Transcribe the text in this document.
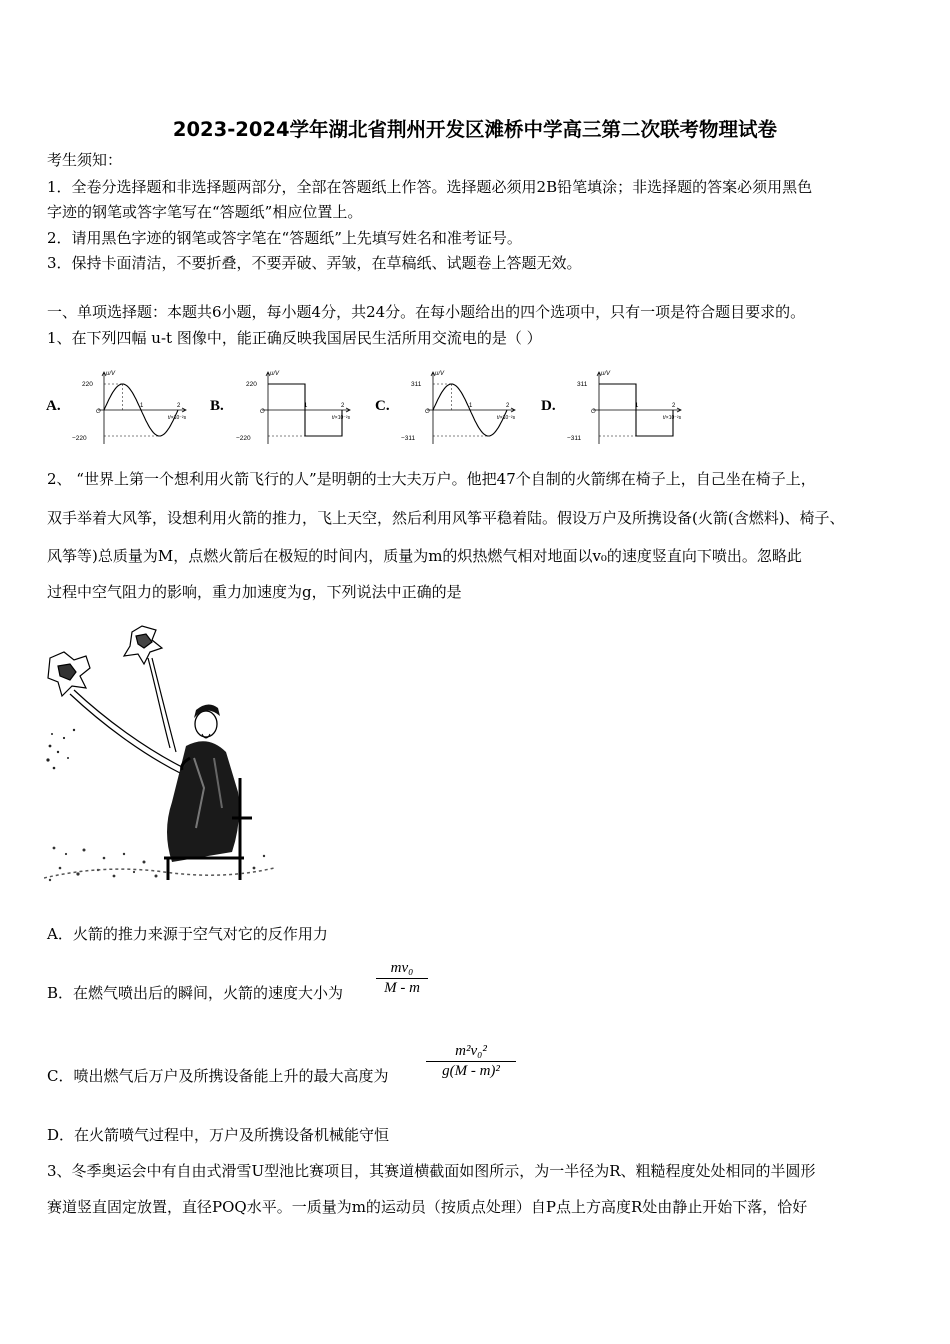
2023-2024学年湖北省荆州开发区滩桥中学高三第二次联考物理试卷
考生须知：
1．全卷分选择题和非选择题两部分，全部在答题纸上作答。选择题必须用2B铅笔填涂；非选择题的答案必须用黑色
字迹的钢笔或答字笔写在“答题纸”相应位置上。
2．请用黑色字迹的钢笔或答字笔在“答题纸”上先填写姓名和准考证号。
3．保持卡面清洁，不要折叠，不要弄破、弄皱，在草稿纸、试题卷上答题无效。
一、单项选择题：本题共6小题，每小题4分，共24分。在每小题给出的四个选项中，只有一项是符合题目要求的。
1、在下列四幅 u-t 图像中，能正确反映我国居民生活所用交流电的是（ ）
A.
u/V
t/×10⁻²s
O
220
−220
1	2 B.
u/V
t/×10⁻²s
O
220
−220
1	2 C.
u/V
t/×10⁻²s
O
311
−311
1	2 D.
u/V
t/×10⁻²s
O
311
−311
1	2
2、 “世界上第一个想利用火箭飞行的人”是明朝的士大夫万户。他把47个自制的火箭绑在椅子上，自己坐在椅子上，
双手举着大风筝，设想利用火箭的推力，飞上天空，然后利用风筝平稳着陆。假设万户及所携设备(火箭(含燃料)、椅子、
风筝等)总质量为M，点燃火箭后在极短的时间内，质量为m的炽热燃气相对地面以v₀的速度竖直向下喷出。忽略此
过程中空气阻力的影响，重力加速度为g，下列说法中正确的是
A．火箭的推力来源于空气对它的反作用力
B．在燃气喷出后的瞬间，火箭的速度大小为
mv₀
M - m
C．喷出燃气后万户及所携设备能上升的最大高度为
m²v₀²
g(M - m)²
D．在火箭喷气过程中，万户及所携设备机械能守恒
3、冬季奥运会中有自由式滑雪U型池比赛项目，其赛道横截面如图所示，为一半径为R、粗糙程度处处相同的半圆形
赛道竖直固定放置，直径POQ水平。一质量为m的运动员（按质点处理）自P点上方高度R处由静止开始下落，恰好
